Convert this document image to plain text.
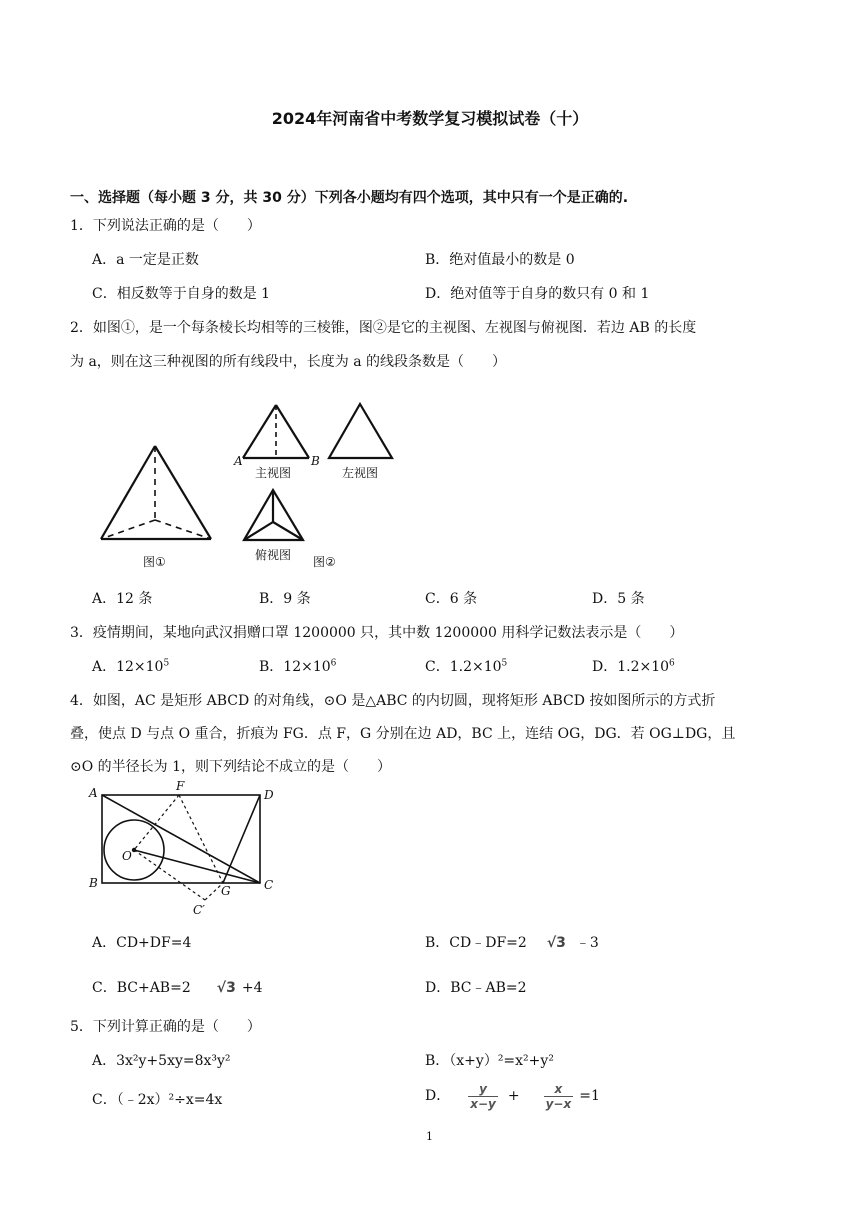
2024年河南省中考数学复习模拟试卷（十）
一、选择题（每小题 3 分，共 30 分）下列各小题均有四个选项，其中只有一个是正确的.
1．下列说法正确的是（　　）
A．a 一定是正数	B．绝对值最小的数是 0
C．相反数等于自身的数是 1	D．绝对值等于自身的数只有 0 和 1
2．如图①，是一个每条棱长均相等的三棱锥，图②是它的主视图、左视图与俯视图．若边 AB 的长度
为 a，则在这三种视图的所有线段中，长度为 a 的线段条数是（　　）
图①
A	B
主视图	左视图
俯视图 图②
A．12 条	B．9 条	C．6 条	D．5 条
3．疫情期间，某地向武汉捐赠口罩 1200000 只，其中数 1200000 用科学记数法表示是（　　）
A．$12\times 10^5$	B．$12\times 10^6$	C．$1.2\times 10^5$	D．$1.2\times 10^6$
4．如图，AC 是矩形 ABCD 的对角线，⊙O 是△ABC 的内切圆，现将矩形 ABCD 按如图所示的方式折
叠，使点 D 与点 O 重合，折痕为 FG．点 F，G 分别在边 AD，BC 上，连结 OG，DG．若 OG⊥DG，且
⊙O 的半径长为 1，则下列结论不成立的是（　　）
A	F
D
O
B
G	C
C′
A．CD+DF=4	B．CD﹣DF=2 √3 ﹣3
C．BC+AB=2 √3 +4	D．BC﹣AB=2
5．下列计算正确的是（　　）
A．3x²y+5xy=8x³y²	B．（x+y）²=x²+y²
C．（﹣2x）²÷x=4x	D． $\frac{y}{x-y} + \frac{x}{y-x} =1$
1
